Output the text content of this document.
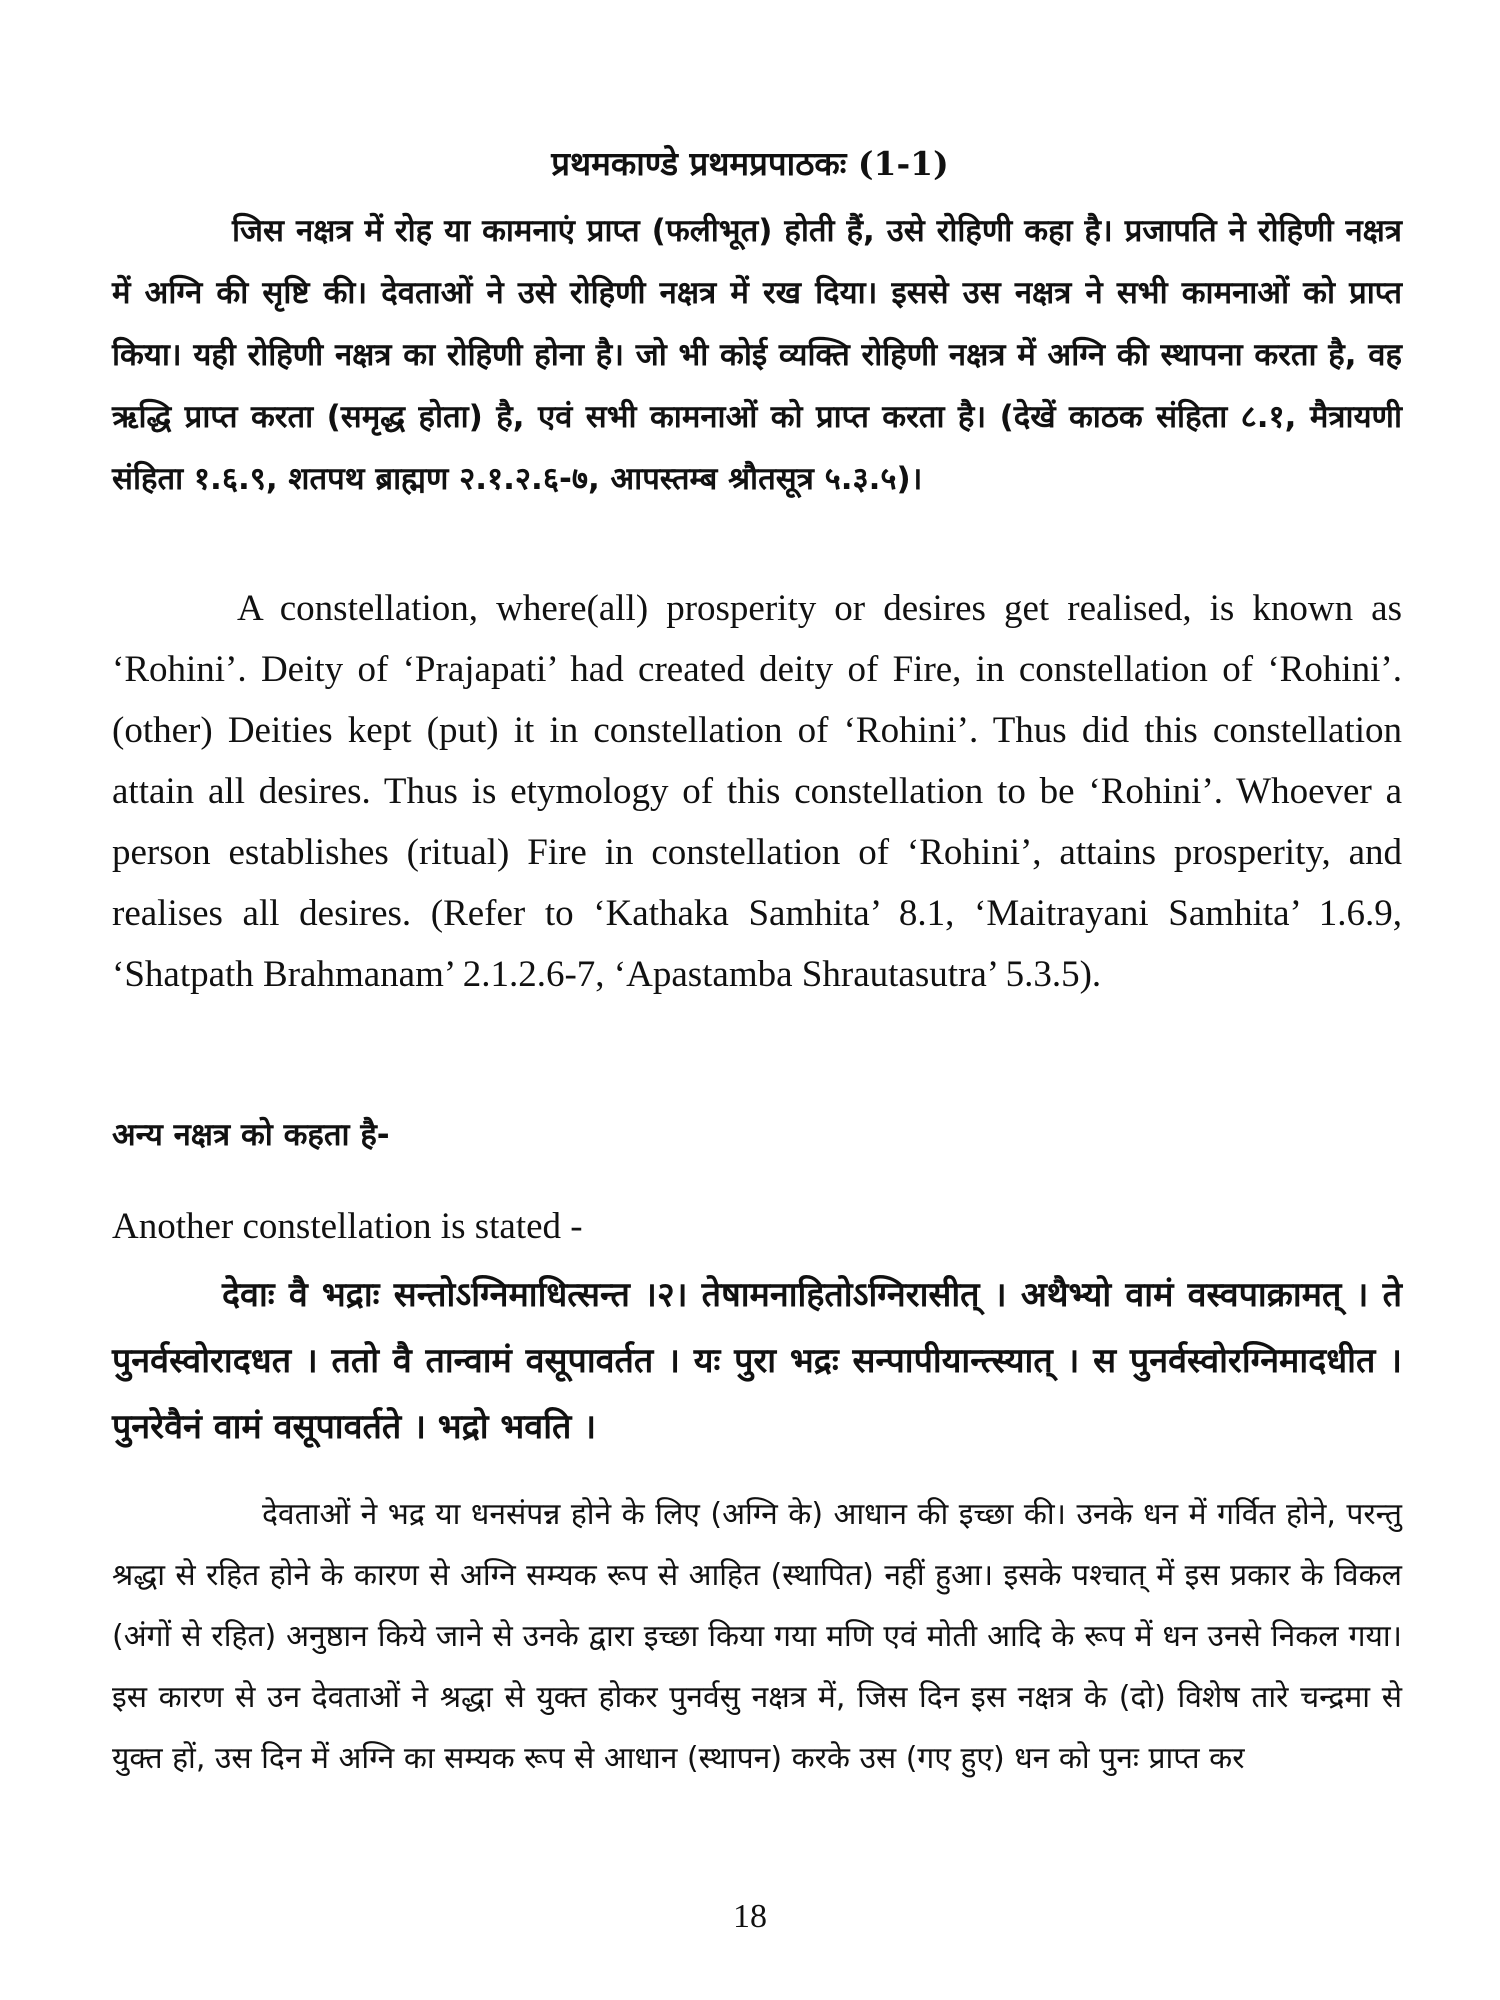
प्रथमकाण्डे प्रथमप्रपाठकः (1-1)

जिस नक्षत्र में रोह या कामनाएं प्राप्त (फलीभूत) होती हैं, उसे रोहिणी कहा है। प्रजापति ने रोहिणी नक्षत्र में अग्नि की सृष्टि की। देवताओं ने उसे रोहिणी नक्षत्र में रख दिया। इससे उस नक्षत्र ने सभी कामनाओं को प्राप्त किया। यही रोहिणी नक्षत्र का रोहिणी होना है। जो भी कोई व्यक्ति रोहिणी नक्षत्र में अग्नि की स्थापना करता है, वह ऋद्धि प्राप्त करता (समृद्ध होता) है, एवं सभी कामनाओं को प्राप्त करता है। (देखें काठक संहिता ८.१, मैत्रायणी संहिता १.६.९, शतपथ ब्राह्मण २.१.२.६-७, आपस्तम्ब श्रौतसूत्र ५.३.५)।

A constellation, where(all) prosperity or desires get realised, is known as ‘Rohini’. Deity of ‘Prajapati’ had created deity of Fire, in constellation of ‘Rohini’. (other) Deities kept (put) it in constellation of ‘Rohini’. Thus did this constellation attain all desires. Thus is etymology of this constellation to be ‘Rohini’. Whoever a person establishes (ritual) Fire in constellation of ‘Rohini’, attains prosperity, and realises all desires. (Refer to ‘Kathaka Samhita’ 8.1, ‘Maitrayani Samhita’ 1.6.9, ‘Shatpath Brahmanam’ 2.1.2.6-7, ‘Apastamba Shrautasutra’ 5.3.5).

अन्य नक्षत्र को कहता है-

Another constellation is stated -

देवाः वै भद्राः सन्तोऽग्निमाधित्सन्त ।२। तेषामनाहितोऽग्निरासीत् । अथैभ्यो वामं वस्वपाक्रामत् । ते पुनर्वस्वोरादधत । ततो वै तान्वामं वसूपावर्तत । यः पुरा भद्रः सन्पापीयान्त्स्यात् । स पुनर्वस्वोरग्निमादधीत । पुनरेवैनं वामं वसूपावर्तते । भद्रो भवति ।

देवताओं ने भद्र या धनसंपन्न होने के लिए (अग्नि के) आधान की इच्छा की। उनके धन में गर्वित होने, परन्तु श्रद्धा से रहित होने के कारण से अग्नि सम्यक रूप से आहित (स्थापित) नहीं हुआ। इसके पश्चात् में इस प्रकार के विकल (अंगों से रहित) अनुष्ठान किये जाने से उनके द्वारा इच्छा किया गया मणि एवं मोती आदि के रूप में धन उनसे निकल गया। इस कारण से उन देवताओं ने श्रद्धा से युक्त होकर पुनर्वसु नक्षत्र में, जिस दिन इस नक्षत्र के (दो) विशेष तारे चन्द्रमा से युक्त हों, उस दिन में अग्नि का सम्यक रूप से आधान (स्थापन) करके उस (गए हुए) धन को पुनः प्राप्त कर

18
